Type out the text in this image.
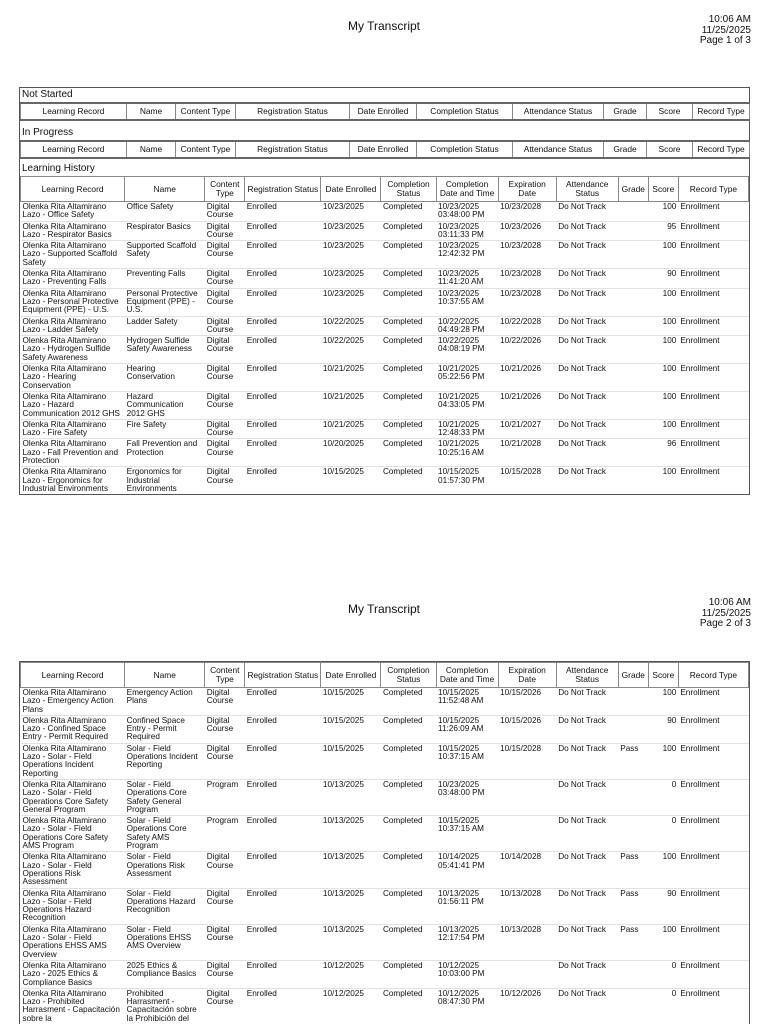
My Transcript	10:06 AM
11/25/2025
Page 1 of 3
Not Started
Learning Record	Name	Content Type	Registration Status	Date Enrolled	Completion Status	Attendance Status	Grade	Score	Record Type
In Progress
Learning Record	Name	Content Type	Registration Status	Date Enrolled	Completion Status	Attendance Status	Grade	Score	Record Type
Learning History
Learning Record	Name	Content Type	Registration Status	Date Enrolled	Completion Status	Completion Date and Time	Expiration Date	Attendance Status	Grade	Score	Record Type
Olenka Rita Altamirano Lazo - Office Safety	Office Safety	Digital Course	Enrolled	10/23/2025	Completed	10/23/2025 03:48:00 PM	10/23/2028	Do Not Track		100	Enrollment
Olenka Rita Altamirano Lazo - Respirator Basics	Respirator Basics	Digital Course	Enrolled	10/23/2025	Completed	10/23/2025 03:11:33 PM	10/23/2026	Do Not Track		95	Enrollment
Olenka Rita Altamirano Lazo - Supported Scaffold Safety	Supported Scaffold Safety	Digital Course	Enrolled	10/23/2025	Completed	10/23/2025 12:42:32 PM	10/23/2028	Do Not Track		100	Enrollment
Olenka Rita Altamirano Lazo - Preventing Falls	Preventing Falls	Digital Course	Enrolled	10/23/2025	Completed	10/23/2025 11:41:20 AM	10/23/2028	Do Not Track		90	Enrollment
Olenka Rita Altamirano Lazo - Personal Protective Equipment (PPE) - U.S.	Personal Protective Equipment (PPE) - U.S.	Digital Course	Enrolled	10/23/2025	Completed	10/23/2025 10:37:55 AM	10/23/2028	Do Not Track		100	Enrollment
Olenka Rita Altamirano Lazo - Ladder Safety	Ladder Safety	Digital Course	Enrolled	10/22/2025	Completed	10/22/2025 04:49:28 PM	10/22/2028	Do Not Track		100	Enrollment
Olenka Rita Altamirano Lazo - Hydrogen Sulfide Safety Awareness	Hydrogen Sulfide Safety Awareness	Digital Course	Enrolled	10/22/2025	Completed	10/22/2025 04:08:19 PM	10/22/2026	Do Not Track		100	Enrollment
Olenka Rita Altamirano Lazo - Hearing Conservation	Hearing Conservation	Digital Course	Enrolled	10/21/2025	Completed	10/21/2025 05:22:56 PM	10/21/2026	Do Not Track		100	Enrollment
Olenka Rita Altamirano Lazo - Hazard Communication 2012 GHS	Hazard Communication 2012 GHS	Digital Course	Enrolled	10/21/2025	Completed	10/21/2025 04:33:05 PM	10/21/2026	Do Not Track		100	Enrollment
Olenka Rita Altamirano Lazo - Fire Safety	Fire Safety	Digital Course	Enrolled	10/21/2025	Completed	10/21/2025 12:48:33 PM	10/21/2027	Do Not Track		100	Enrollment
Olenka Rita Altamirano Lazo - Fall Prevention and Protection	Fall Prevention and Protection	Digital Course	Enrolled	10/20/2025	Completed	10/21/2025 10:25:16 AM	10/21/2028	Do Not Track		96	Enrollment
Olenka Rita Altamirano Lazo - Ergonomics for Industrial Environments	Ergonomics for Industrial Environments	Digital Course	Enrolled	10/15/2025	Completed	10/15/2025 01:57:30 PM	10/15/2028	Do Not Track		100	Enrollment
My Transcript	10:06 AM
11/25/2025
Page 2 of 3
Learning Record	Name	Content Type	Registration Status	Date Enrolled	Completion Status	Completion Date and Time	Expiration Date	Attendance Status	Grade	Score	Record Type
Olenka Rita Altamirano Lazo - Emergency Action Plans	Emergency Action Plans	Digital Course	Enrolled	10/15/2025	Completed	10/15/2025 11:52:48 AM	10/15/2026	Do Not Track		100	Enrollment
Olenka Rita Altamirano Lazo - Confined Space Entry - Permit Required	Confined Space Entry - Permit Required	Digital Course	Enrolled	10/15/2025	Completed	10/15/2025 11:26:09 AM	10/15/2026	Do Not Track		90	Enrollment
Olenka Rita Altamirano Lazo - Solar - Field Operations Incident Reporting	Solar - Field Operations Incident Reporting	Digital Course	Enrolled	10/15/2025	Completed	10/15/2025 10:37:15 AM	10/15/2028	Do Not Track	Pass	100	Enrollment
Olenka Rita Altamirano Lazo - Solar - Field Operations Core Safety General Program	Solar - Field Operations Core Safety General Program	Program	Enrolled	10/13/2025	Completed	10/23/2025 03:48:00 PM		Do Not Track		0	Enrollment
Olenka Rita Altamirano Lazo - Solar - Field Operations Core Safety AMS Program	Solar - Field Operations Core Safety AMS Program	Program	Enrolled	10/13/2025	Completed	10/15/2025 10:37:15 AM		Do Not Track		0	Enrollment
Olenka Rita Altamirano Lazo - Solar - Field Operations Risk Assessment	Solar - Field Operations Risk Assessment	Digital Course	Enrolled	10/13/2025	Completed	10/14/2025 05:41:41 PM	10/14/2028	Do Not Track	Pass	100	Enrollment
Olenka Rita Altamirano Lazo - Solar - Field Operations Hazard Recognition	Solar - Field Operations Hazard Recognition	Digital Course	Enrolled	10/13/2025	Completed	10/13/2025 01:56:11 PM	10/13/2028	Do Not Track	Pass	90	Enrollment
Olenka Rita Altamirano Lazo - Solar - Field Operations EHSS AMS Overview	Solar - Field Operations EHSS AMS Overview	Digital Course	Enrolled	10/13/2025	Completed	10/13/2025 12:17:54 PM	10/13/2028	Do Not Track	Pass	100	Enrollment
Olenka Rita Altamirano Lazo - 2025 Ethics & Compliance Basics	2025 Ethics & Compliance Basics	Digital Course	Enrolled	10/12/2025	Completed	10/12/2025 10:03:00 PM		Do Not Track		0	Enrollment
Olenka Rita Altamirano Lazo - Prohibited Harrasment - Capacitación sobre la	Prohibited Harrasment - Capacitación sobre la Prohibición del	Digital Course	Enrolled	10/12/2025	Completed	10/12/2025 08:47:30 PM	10/12/2026	Do Not Track		0	Enrollment
